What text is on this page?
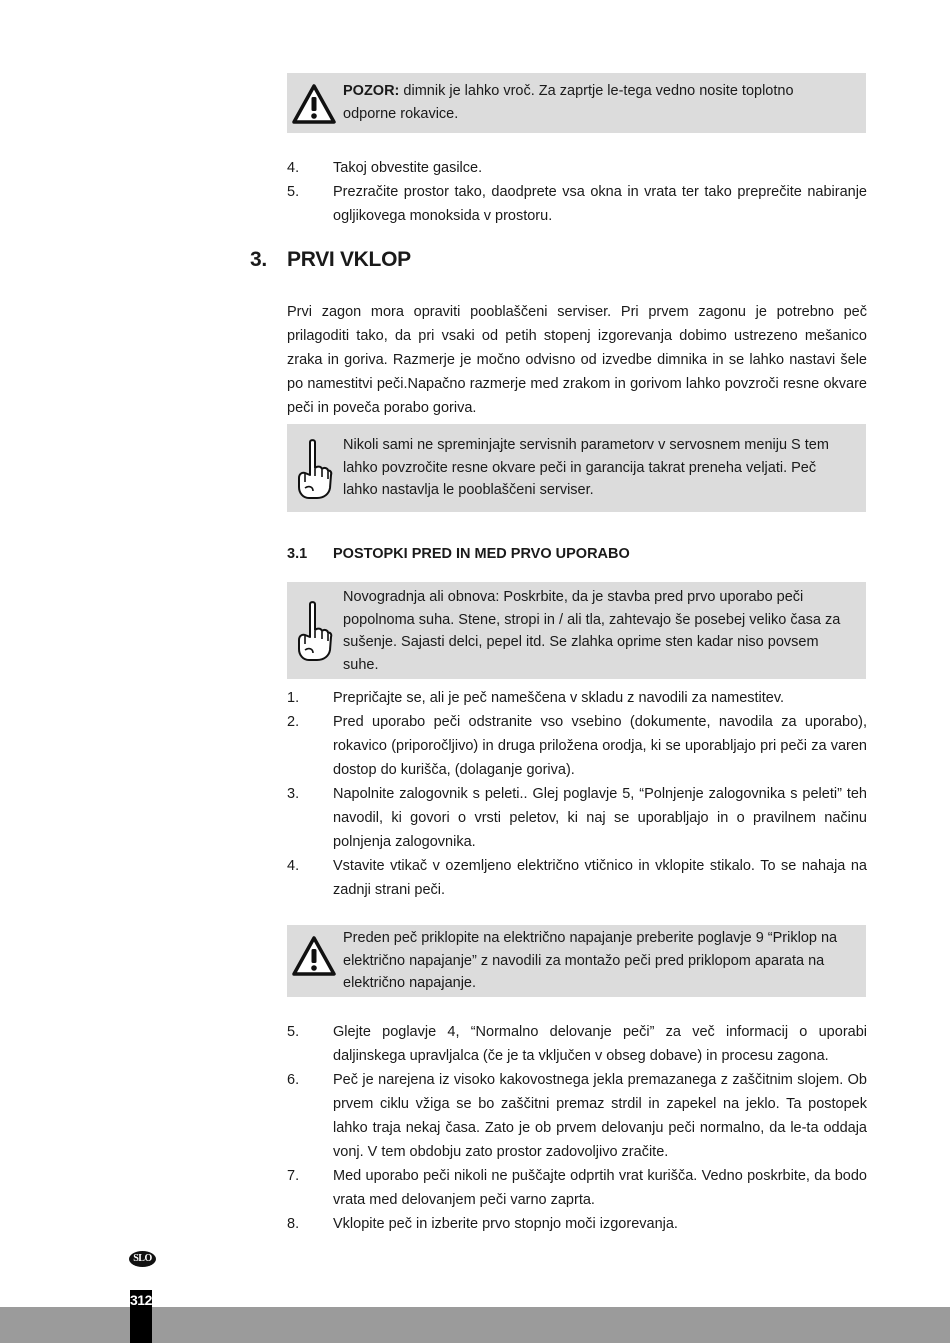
POZOR: dimnik je lahko vroč. Za zaprtje le-tega vedno nosite toplotno odporne rokavice.
4. Takoj obvestite gasilce.
5. Prezračite prostor tako, daodprete vsa okna in vrata ter tako preprečite nabiranje ogljikovega monoksida v prostoru.
3. PRVI VKLOP
Prvi zagon mora opraviti pooblaščeni serviser. Pri prvem zagonu je potrebno peč prilagoditi tako, da pri vsaki od petih stopenj izgorevanja dobimo ustrezeno mešanico zraka in goriva. Razmerje je močno odvisno od izvedbe dimnika in se lahko nastavi šele po namestitvi peči.Napačno razmerje med zrakom in gorivom lahko povzroči resne okvare peči in poveča porabo goriva.
Nikoli sami ne spreminjajte servisnih parametorv v servosnem meniju S tem lahko povzročite resne okvare peči in garancija takrat preneha veljati. Peč lahko nastavlja le pooblaščeni serviser.
3.1 POSTOPKI PRED IN MED PRVO UPORABO
Novogradnja ali obnova: Poskrbite, da je stavba pred prvo uporabo peči popolnoma suha. Stene, stropi in / ali tla, zahtevajo še posebej veliko časa za sušenje. Sajasti delci, pepel itd. Se zlahka oprime sten kadar niso povsem suhe.
1. Prepričajte se, ali je peč nameščena v skladu z navodili za namestitev.
2. Pred uporabo peči odstranite vso vsebino (dokumente, navodila za uporabo), rokavico (priporočljivo) in druga priložena orodja, ki se uporabljajo pri peči za varen dostop do kurišča, (dolaganje goriva).
3. Napolnite zalogovnik s peleti.. Glej poglavje 5, “Polnjenje zalogovnika s peleti” teh navodil, ki govori o vrsti peletov, ki naj se uporabljajo in o pravilnem načinu polnjenja zalogovnika.
4. Vstavite vtikač v ozemljeno električno vtičnico in vklopite stikalo. To se nahaja na zadnji strani peči.
Preden peč priklopite na električno napajanje preberite poglavje 9 “Priklop na električno napajanje” z navodili za montažo peči pred priklopom aparata na električno napajanje.
5. Glejte poglavje 4, “Normalno delovanje peči” za več informacij o uporabi daljinskega upravljalca (če je ta vključen v obseg dobave) in procesu zagona.
6. Peč je narejena iz visoko kakovostnega jekla premazanega z zaščitnim slojem. Ob prvem ciklu vžiga se bo zaščitni premaz strdil in zapekel na jeklo. Ta postopek lahko traja nekaj časa. Zato je ob prvem delovanju peči normalno, da le-ta oddaja vonj. V tem obdobju zato prostor zadovoljivo zračite.
7. Med uporabo peči nikoli ne puščajte odprtih vrat kurišča. Vedno poskrbite, da bodo vrata med delovanjem peči varno zaprta.
8. Vklopite peč in izberite prvo stopnjo moči izgorevanja.
SLO
312
